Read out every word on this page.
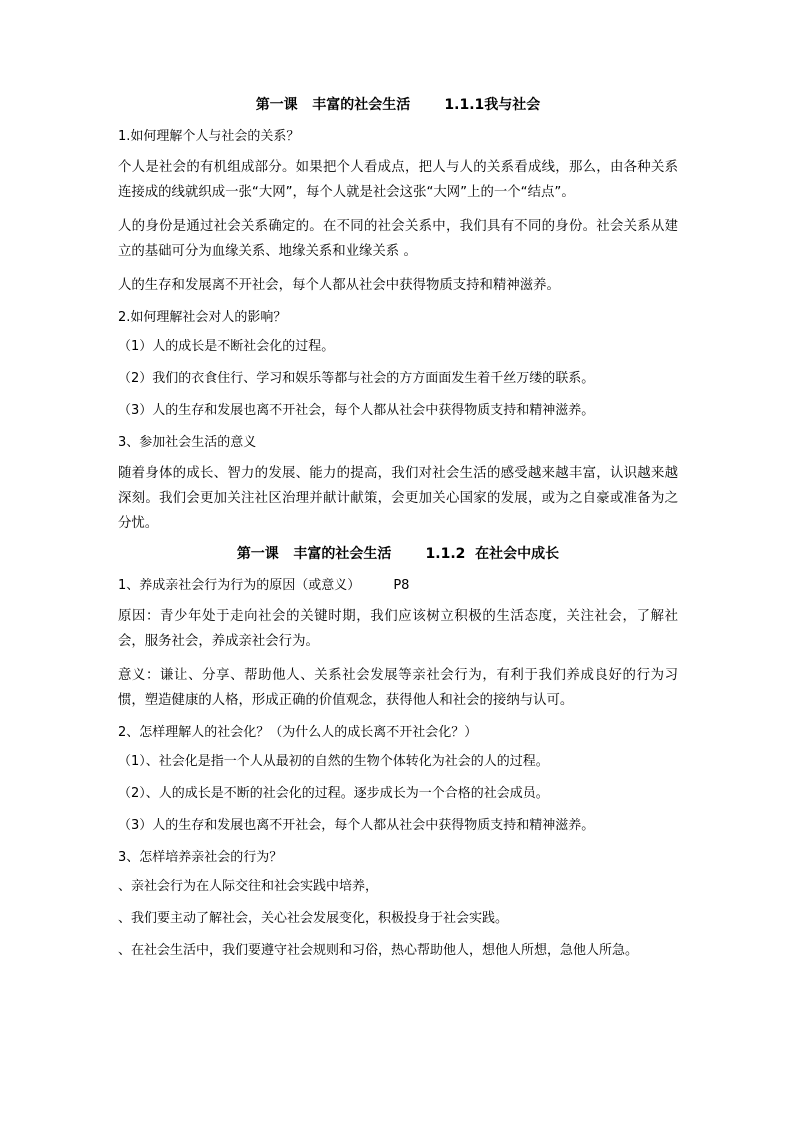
第一课   丰富的社会生活       1.1.1我与社会
1.如何理解个人与社会的关系？
个人是社会的有机组成部分。如果把个人看成点，把人与人的关系看成线，那么，由各种关系连接成的线就织成一张“大网”，每个人就是社会这张“大网”上的一个“结点”。
人的身份是通过社会关系确定的。在不同的社会关系中，我们具有不同的身份。社会关系从建立的基础可分为血缘关系、地缘关系和业缘关系 。
人的生存和发展离不开社会，每个人都从社会中获得物质支持和精神滋养。
2.如何理解社会对人的影响？
（1）人的成长是不断社会化的过程。
（2）我们的衣食住行、学习和娱乐等都与社会的方方面面发生着千丝万缕的联系。
（3）人的生存和发展也离不开社会，每个人都从社会中获得物质支持和精神滋养。
3、参加社会生活的意义
随着身体的成长、智力的发展、能力的提高，我们对社会生活的感受越来越丰富，认识越来越深刻。我们会更加关注社区治理并献计献策，会更加关心国家的发展，或为之自豪或准备为之分忧。
第一课   丰富的社会生活       1.1.2  在社会中成长
1、养成亲社会行为行为的原因（或意义）        P8
原因：青少年处于走向社会的关键时期，我们应该树立积极的生活态度，关注社会，了解社会，服务社会，养成亲社会行为。
意义：谦让、分享、帮助他人、关系社会发展等亲社会行为，有利于我们养成良好的行为习惯，塑造健康的人格，形成正确的价值观念，获得他人和社会的接纳与认可。
2、怎样理解人的社会化？（为什么人的成长离不开社会化？）
（1）、社会化是指一个人从最初的自然的生物个体转化为社会的人的过程。
（2）、人的成长是不断的社会化的过程。逐步成长为一个合格的社会成员。
（3）人的生存和发展也离不开社会，每个人都从社会中获得物质支持和精神滋养。
3、怎样培养亲社会的行为？
、亲社会行为在人际交往和社会实践中培养，
、我们要主动了解社会，关心社会发展变化，积极投身于社会实践。
、在社会生活中，我们要遵守社会规则和习俗，热心帮助他人，想他人所想，急他人所急。
